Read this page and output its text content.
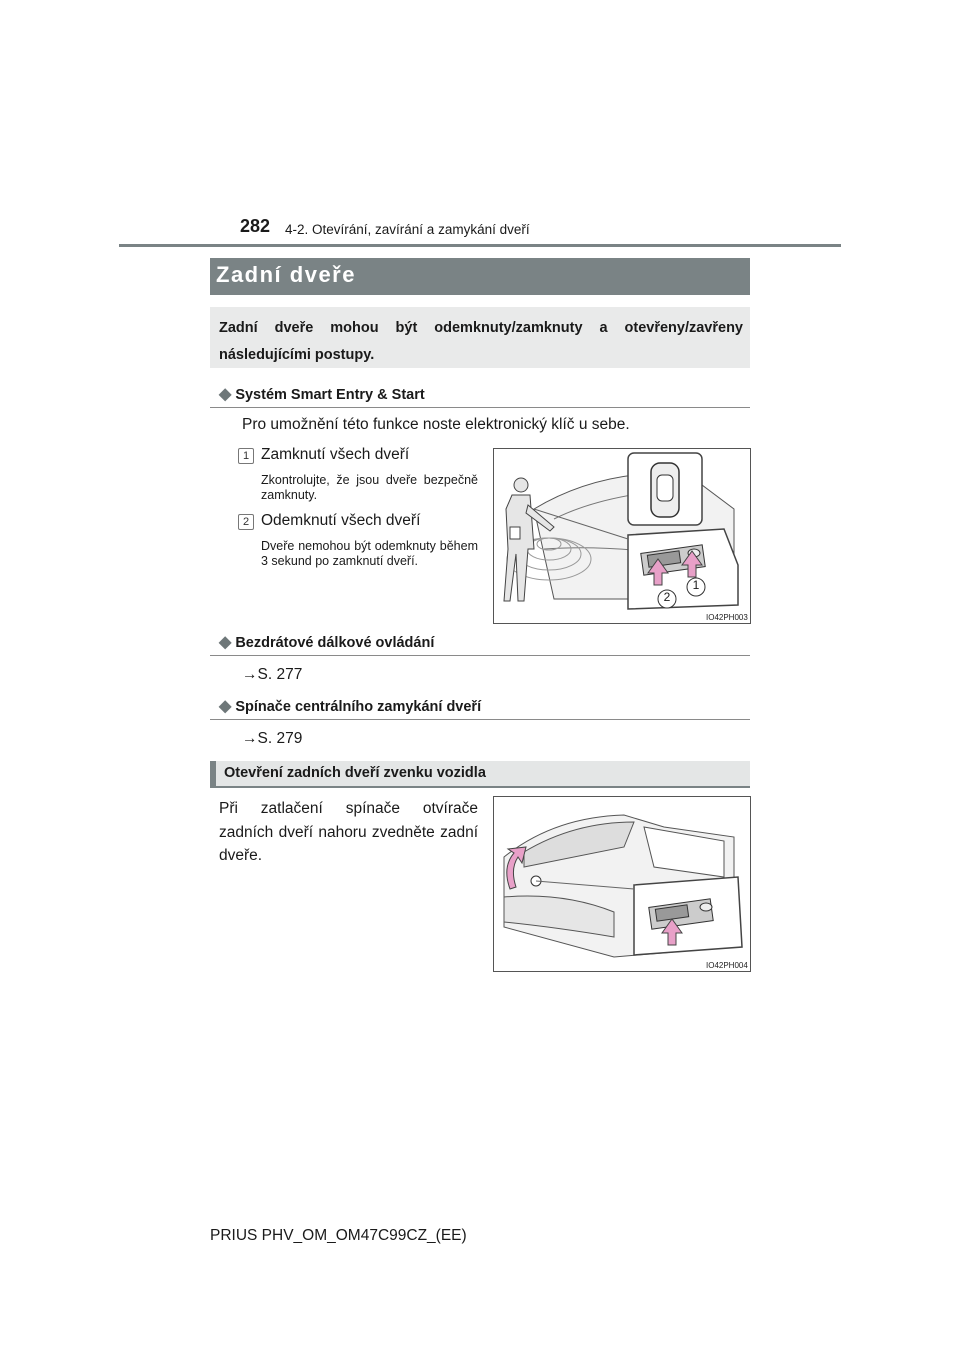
282 4-2. Otevírání, zavírání a zamykání dveří
Zadní dveře
Zadní dveře mohou být odemknuty/zamknuty a otevřeny/zavřeny následujícími postupy.
◆ Systém Smart Entry & Start
Pro umožnění této funkce noste elektronický klíč u sebe.
1 Zamknutí všech dveří
Zkontrolujte, že jsou dveře bezpečně zamknuty.
2 Odemknutí všech dveří
Dveře nemohou být odemknuty během 3 sekund po zamknutí dveří.
2
1
IO42PH003
◆ Bezdrátové dálkové ovládání
→S. 277
◆ Spínače centrálního zamykání dveří
→S. 279
Otevření zadních dveří zvenku vozidla
Při zatlačení spínače otvírače zadních dveří nahoru zvedněte zadní dveře.
IO42PH004
PRIUS PHV_OM_OM47C99CZ_(EE)
